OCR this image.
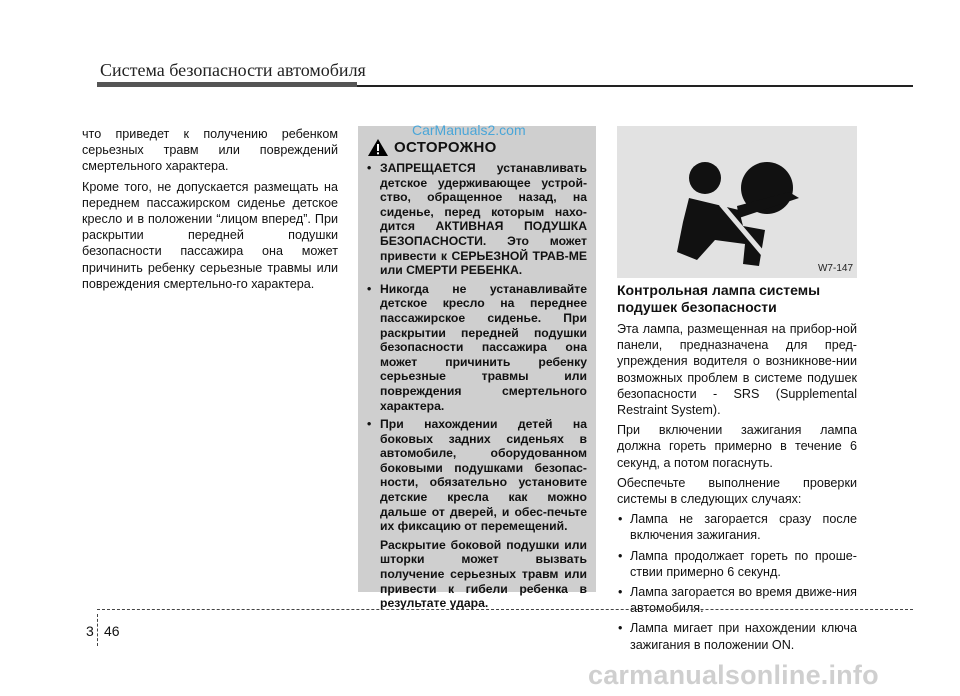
Система безопасности автомобиля

что приведет к получению ребенком серьезных травм или повреждений смертельного характера.

Кроме того, не допускается размещать на переднем пассажирском сиденье детское кресло и в положении “лицом вперед”. При раскрытии передней подушки безопасности пассажира она может причинить ребенку серьезные травмы или повреждения смертельно-го характера.

ОСТОРОЖНО
• ЗАПРЕЩАЕТСЯ устанавливать детское удерживающее устрой-ство, обращенное назад, на сиденье, перед которым нахо-дится АКТИВНАЯ ПОДУШКА БЕЗОПАСНОСТИ. Это может привести к СЕРЬЕЗНОЙ ТРАВ-МЕ или СМЕРТИ РЕБЕНКА.
• Никогда не устанавливайте детское кресло на переднее пассажирское сиденье. При раскрытии передней подушки безопасности пассажира она может причинить ребенку серьезные травмы или повреждения смертельного характера.
• При нахождении детей на боковых задних сиденьях в автомобиле, оборудованном боковыми подушками безопас-ности, обязательно установите детские кресла как можно дальше от дверей, и обес-печьте их фиксацию от перемещений.
Раскрытие боковой подушки или шторки может вызвать получение серьезных травм или привести к гибели ребенка в результате удара.
CarManuals2.com
W7-147
Контрольная лампа системы подушек безопасности

Эта лампа, размещенная на прибор-ной панели, предназначена для пред-упреждения водителя о возникнове-нии возможных проблем в системе подушек безопасности - SRS (Supplemental Restraint System).

При включении зажигания лампа должна гореть примерно в течение 6 секунд, а потом погаснуть.

Обеспечьте выполнение проверки системы в следующих случаях:

• Лампа не загорается сразу после включения зажигания.
• Лампа продолжает гореть по проше-ствии примерно 6 секунд.
• Лампа загорается во время движе-ния автомобиля.
• Лампа мигает при нахождении ключа зажигания в положении ON.
3 46
carmanualsonline.info
